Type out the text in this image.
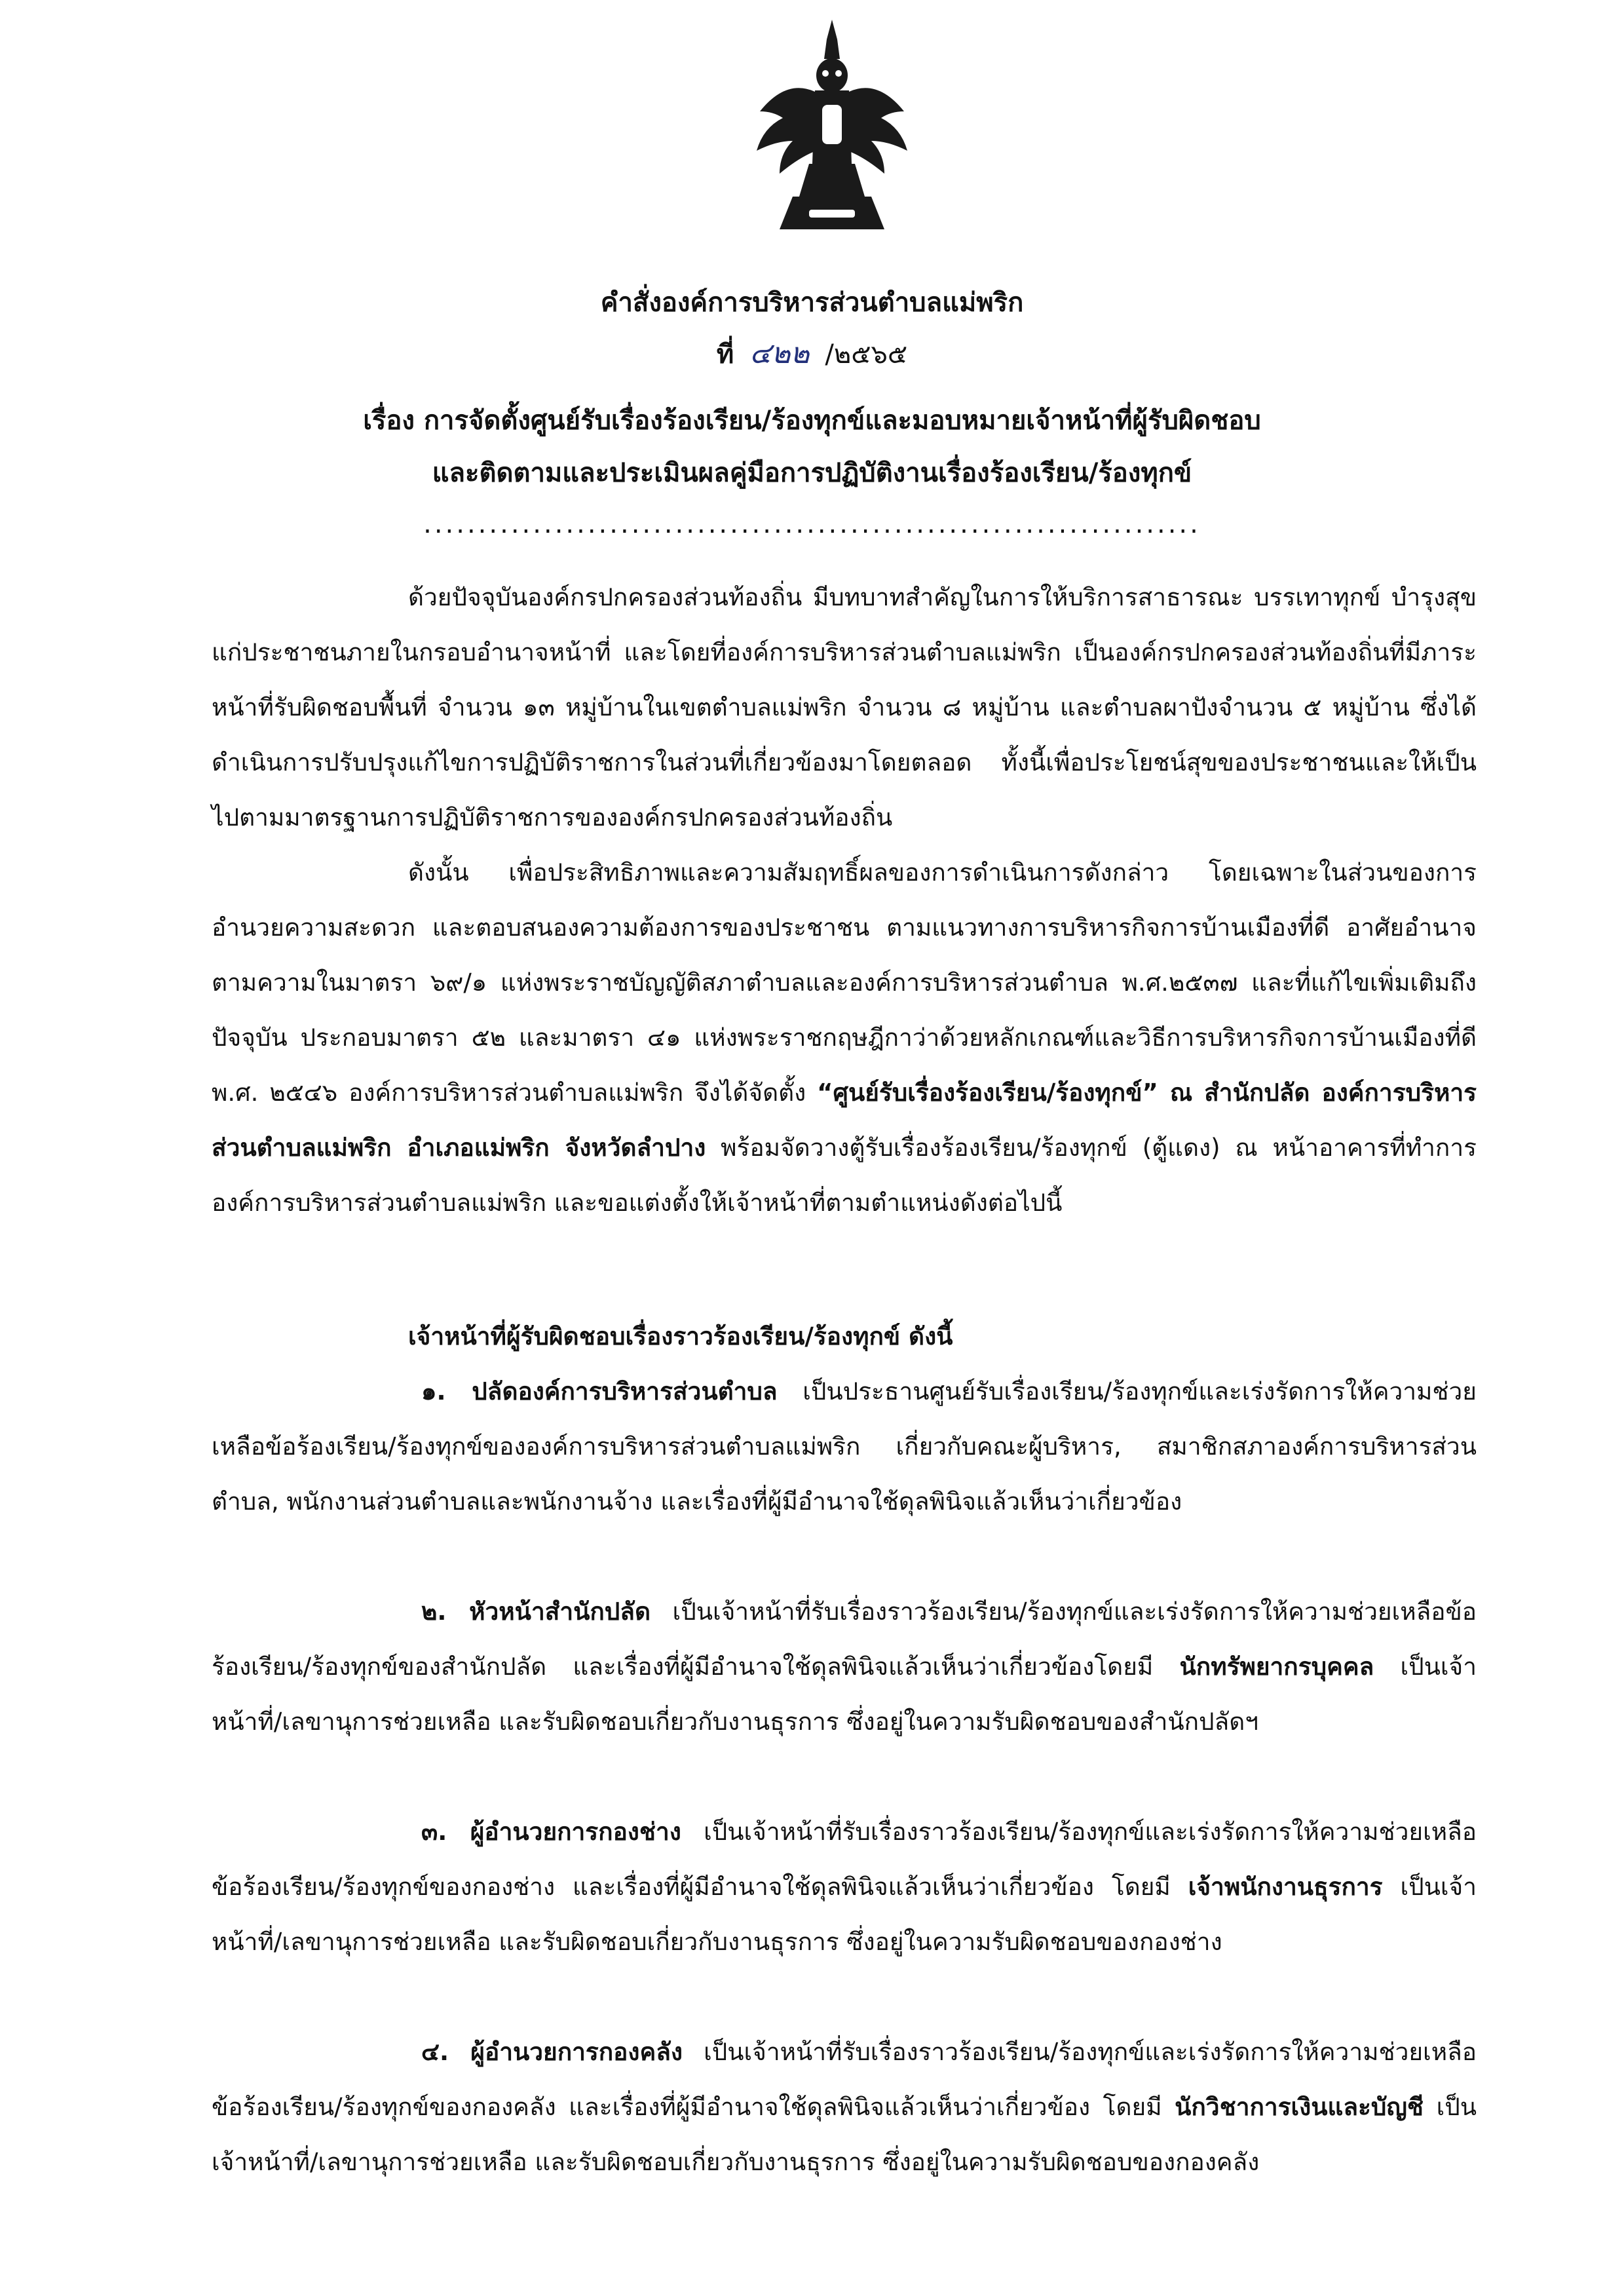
คำสั่งองค์การบริหารส่วนตำบลแม่พริก
ที่ ๔๒๒ /๒๕๖๕
เรื่อง การจัดตั้งศูนย์รับเรื่องร้องเรียน/ร้องทุกข์และมอบหมายเจ้าหน้าที่ผู้รับผิดชอบ
และติดตามและประเมินผลคู่มือการปฏิบัติงานเรื่องร้องเรียน/ร้องทุกข์
.......................................................................

ด้วยปัจจุบันองค์กรปกครองส่วนท้องถิ่น มีบทบาทสำคัญในการให้บริการสาธารณะ บรรเทาทุกข์ บำรุงสุข แก่ประชาชนภายในกรอบอำนาจหน้าที่ และโดยที่องค์การบริหารส่วนตำบลแม่พริก เป็นองค์กรปกครองส่วนท้องถิ่นที่มีภาระหน้าที่รับผิดชอบพื้นที่ จำนวน ๑๓ หมู่บ้านในเขตตำบลแม่พริก จำนวน ๘ หมู่บ้าน และตำบลผาปังจำนวน ๕ หมู่บ้าน ซึ่งได้ดำเนินการปรับปรุงแก้ไขการปฏิบัติราชการในส่วนที่เกี่ยวข้องมาโดยตลอด ทั้งนี้เพื่อประโยชน์สุขของประชาชนและให้เป็นไปตามมาตรฐานการปฏิบัติราชการขององค์กรปกครองส่วนท้องถิ่น

ดังนั้น เพื่อประสิทธิภาพและความสัมฤทธิ์ผลของการดำเนินการดังกล่าว โดยเฉพาะในส่วนของการอำนวยความสะดวก และตอบสนองความต้องการของประชาชน ตามแนวทางการบริหารกิจการบ้านเมืองที่ดี อาศัยอำนาจตามความในมาตรา ๖๙/๑ แห่งพระราชบัญญัติสภาตำบลและองค์การบริหารส่วนตำบล พ.ศ.๒๕๓๗ และที่แก้ไขเพิ่มเติมถึงปัจจุบัน ประกอบมาตรา ๕๒ และมาตรา ๔๑ แห่งพระราชกฤษฎีกาว่าด้วยหลักเกณฑ์และวิธีการบริหารกิจการบ้านเมืองที่ดี พ.ศ. ๒๕๔๖ องค์การบริหารส่วนตำบลแม่พริก จึงได้จัดตั้ง “ศูนย์รับเรื่องร้องเรียน/ร้องทุกข์” ณ สำนักปลัด องค์การบริหารส่วนตำบลแม่พริก อำเภอแม่พริก จังหวัดลำปาง พร้อมจัดวางตู้รับเรื่องร้องเรียน/ร้องทุกข์ (ตู้แดง) ณ หน้าอาคารที่ทำการองค์การบริหารส่วนตำบลแม่พริก และขอแต่งตั้งให้เจ้าหน้าที่ตามตำแหน่งดังต่อไปนี้

เจ้าหน้าที่ผู้รับผิดชอบเรื่องราวร้องเรียน/ร้องทุกข์ ดังนี้

๑. ปลัดองค์การบริหารส่วนตำบล เป็นประธานศูนย์รับเรื่องเรียน/ร้องทุกข์และเร่งรัดการให้ความช่วยเหลือข้อร้องเรียน/ร้องทุกข์ขององค์การบริหารส่วนตำบลแม่พริก เกี่ยวกับคณะผู้บริหาร, สมาชิกสภาองค์การบริหารส่วนตำบล, พนักงานส่วนตำบลและพนักงานจ้าง และเรื่องที่ผู้มีอำนาจใช้ดุลพินิจแล้วเห็นว่าเกี่ยวข้อง

๒. หัวหน้าสำนักปลัด เป็นเจ้าหน้าที่รับเรื่องราวร้องเรียน/ร้องทุกข์และเร่งรัดการให้ความช่วยเหลือข้อร้องเรียน/ร้องทุกข์ของสำนักปลัด และเรื่องที่ผู้มีอำนาจใช้ดุลพินิจแล้วเห็นว่าเกี่ยวข้องโดยมี นักทรัพยากรบุคคล เป็นเจ้าหน้าที่/เลขานุการช่วยเหลือ และรับผิดชอบเกี่ยวกับงานธุรการ ซึ่งอยู่ในความรับผิดชอบของสำนักปลัดฯ

๓. ผู้อำนวยการกองช่าง เป็นเจ้าหน้าที่รับเรื่องราวร้องเรียน/ร้องทุกข์และเร่งรัดการให้ความช่วยเหลือข้อร้องเรียน/ร้องทุกข์ของกองช่าง และเรื่องที่ผู้มีอำนาจใช้ดุลพินิจแล้วเห็นว่าเกี่ยวข้อง โดยมี เจ้าพนักงานธุรการ เป็นเจ้าหน้าที่/เลขานุการช่วยเหลือ และรับผิดชอบเกี่ยวกับงานธุรการ ซึ่งอยู่ในความรับผิดชอบของกองช่าง

๔. ผู้อำนวยการกองคลัง เป็นเจ้าหน้าที่รับเรื่องราวร้องเรียน/ร้องทุกข์และเร่งรัดการให้ความช่วยเหลือข้อร้องเรียน/ร้องทุกข์ของกองคลัง และเรื่องที่ผู้มีอำนาจใช้ดุลพินิจแล้วเห็นว่าเกี่ยวข้อง โดยมี นักวิชาการเงินและบัญชี เป็นเจ้าหน้าที่/เลขานุการช่วยเหลือ และรับผิดชอบเกี่ยวกับงานธุรการ ซึ่งอยู่ในความรับผิดชอบของกองคลัง
